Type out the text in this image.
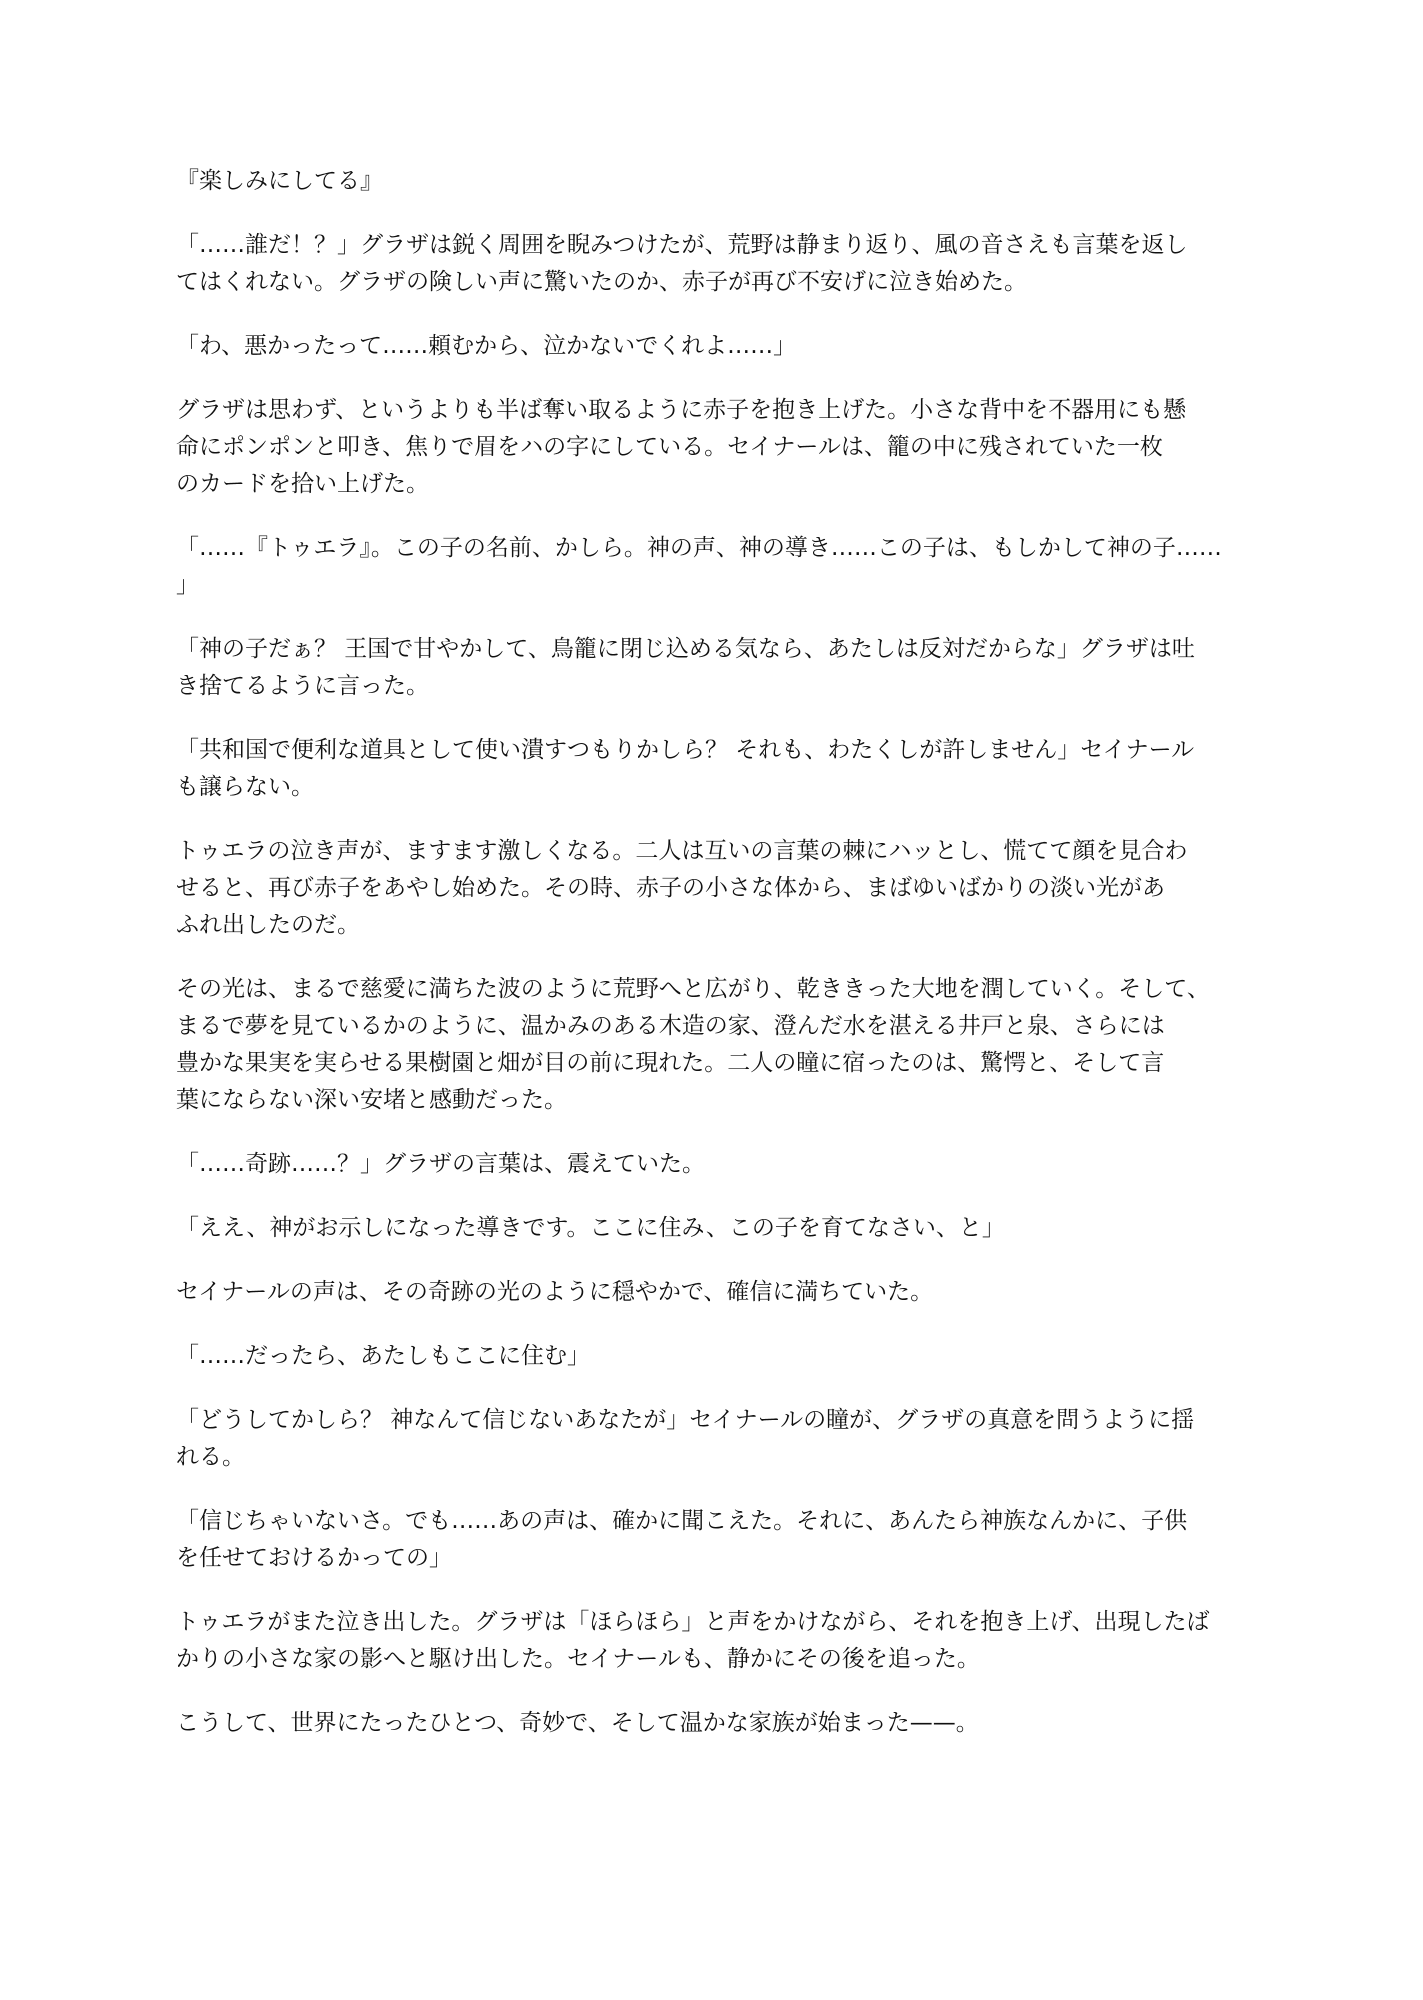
『楽しみにしてる』

「……誰だ！？」グラザは鋭く周囲を睨みつけたが、荒野は静まり返り、風の音さえも言葉を返し
てはくれない。グラザの険しい声に驚いたのか、赤子が再び不安げに泣き始めた。

「わ、悪かったって……頼むから、泣かないでくれよ……」

グラザは思わず、というよりも半ば奪い取るように赤子を抱き上げた。小さな背中を不器用にも懸
命にポンポンと叩き、焦りで眉をハの字にしている。セイナールは、籠の中に残されていた一枚
のカードを拾い上げた。

「……『トゥエラ』。この子の名前、かしら。神の声、神の導き……この子は、もしかして神の子……
」

「神の子だぁ？ 王国で甘やかして、鳥籠に閉じ込める気なら、あたしは反対だからな」グラザは吐
き捨てるように言った。

「共和国で便利な道具として使い潰すつもりかしら？ それも、わたくしが許しません」セイナール
も譲らない。

トゥエラの泣き声が、ますます激しくなる。二人は互いの言葉の棘にハッとし、慌てて顔を見合わ
せると、再び赤子をあやし始めた。その時、赤子の小さな体から、まばゆいばかりの淡い光があ
ふれ出したのだ。

その光は、まるで慈愛に満ちた波のように荒野へと広がり、乾ききった大地を潤していく。そして、
まるで夢を見ているかのように、温かみのある木造の家、澄んだ水を湛える井戸と泉、さらには
豊かな果実を実らせる果樹園と畑が目の前に現れた。二人の瞳に宿ったのは、驚愕と、そして言
葉にならない深い安堵と感動だった。

「……奇跡……？」グラザの言葉は、震えていた。

「ええ、神がお示しになった導きです。ここに住み、この子を育てなさい、と」

セイナールの声は、その奇跡の光のように穏やかで、確信に満ちていた。

「……だったら、あたしもここに住む」

「どうしてかしら？ 神なんて信じないあなたが」セイナールの瞳が、グラザの真意を問うように揺
れる。

「信じちゃいないさ。でも……あの声は、確かに聞こえた。それに、あんたら神族なんかに、子供
を任せておけるかっての」

トゥエラがまた泣き出した。グラザは「ほらほら」と声をかけながら、それを抱き上げ、出現したば
かりの小さな家の影へと駆け出した。セイナールも、静かにその後を追った。

こうして、世界にたったひとつ、奇妙で、そして温かな家族が始まった——。
